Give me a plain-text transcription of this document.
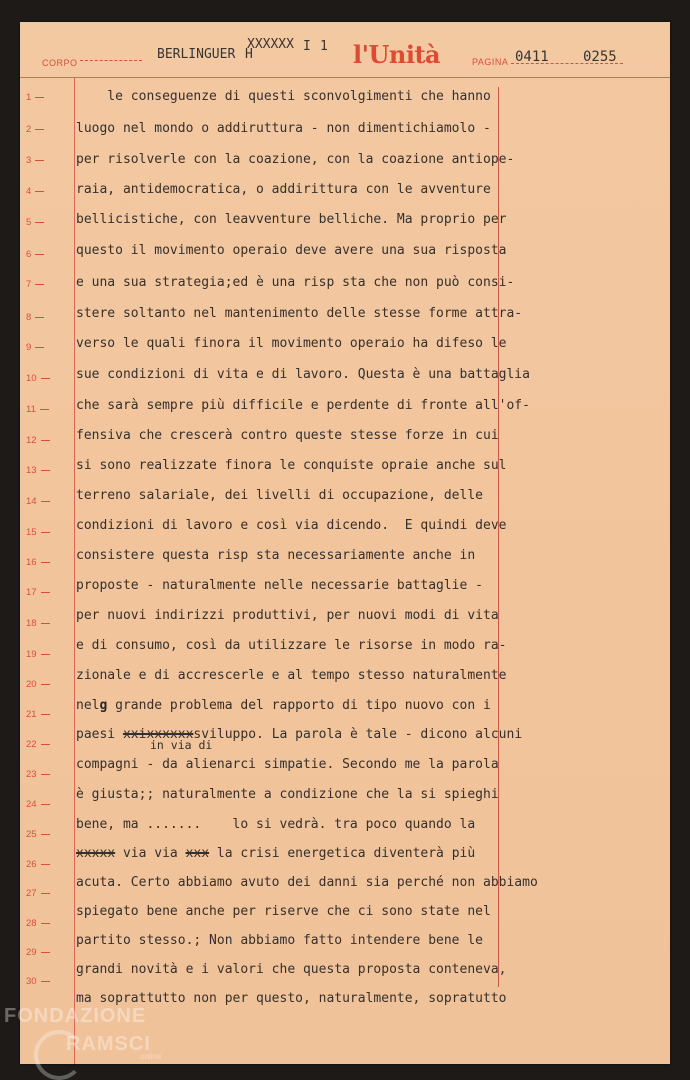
CORPO
BERLINGUER H
XXXXXX I 1 l'Unità	PAGINA 0411 0255
1
2
3
4
5
6
7
8
9
10
11
12
13
14
15
16
17
18
19
20
21
22
23
24
25
26
27
28
29
30
le conseguenze di questi sconvolgimenti che hanno
luogo nel mondo o addiruttura - non dimentichiamolo -
per risolverle con la coazione, con la coazione antiope-
raia, antidemocratica, o addirittura con le avventure
bellicistiche, con leavventure belliche. Ma proprio per
questo il movimento operaio deve avere una sua risposta
e una sua strategia;ed è una risp sta che non può consi-
stere soltanto nel mantenimento delle stesse forme attra-
verso le quali finora il movimento operaio ha difeso le
sue condizioni di vita e di lavoro. Questa è una battaglia
che sarà sempre più difficile e perdente di fronte all'of-
fensiva che crescerà contro queste stesse forze in cui
si sono realizzate finora le conquiste opraie anche sul
terreno salariale, dei livelli di occupazione, delle
condizioni di lavoro e così via dicendo.  E quindi deve
consistere questa risp sta necessariamente anche in
proposte - naturalmente nelle necessarie battaglie -
per nuovi indirizzi produttivi, per nuovi modi di vita
e di consumo, così da utilizzare le risorse in modo ra-
zionale e di accrescerle e al tempo stesso naturalmente
nelg grande problema del rapporto di tipo nuovo con i
in via di
paesi xxixxxxxxsviluppo. La parola è tale - dicono alcuni
compagni - da alienarci simpatie. Secondo me la parola
è giusta;; naturalmente a condizione che la si spieghi
bene, ma .......    lo si vedrà. tra poco quando la
xxxxx via via xxx la crisi energetica diventerà più
acuta. Certo abbiamo avuto dei danni sia perché non abbiamo
spiegato bene anche per riserve che ci sono state nel
partito stesso.; Non abbiamo fatto intendere bene le
grandi novità e i valori che questa proposta conteneva,
ma soprattutto non per questo, naturalmente, sopratutto
FONDAZIONE
RAMSCI
online
